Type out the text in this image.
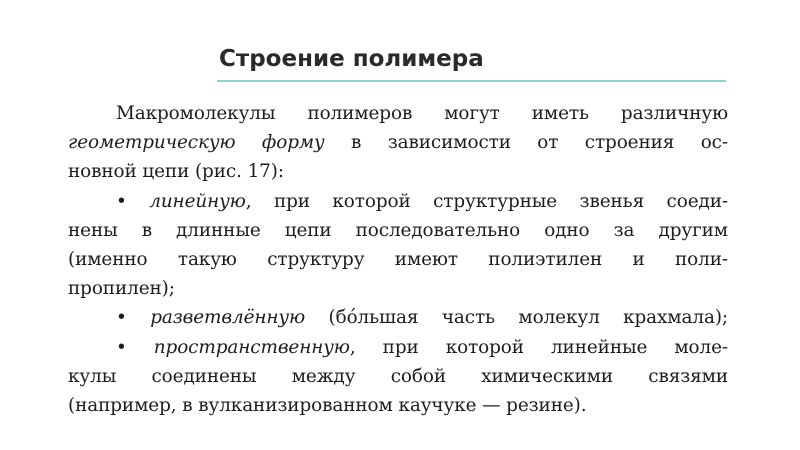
Строение полимера
Макромолекулы полимеров могут иметь различную
геометрическую форму в зависимости от строения ос-
новной цепи (рис. 17):
• линейную, при которой структурные звенья соеди-
нены в длинные цепи последовательно одно за другим
(именно такую структуру имеют полиэтилен и поли-
пропилен);
• разветвлённую (бóльшая часть молекул крахмала);
• пространственную, при которой линейные моле-
кулы соединены между собой химическими связями
(например, в вулканизированном каучуке — резине).
